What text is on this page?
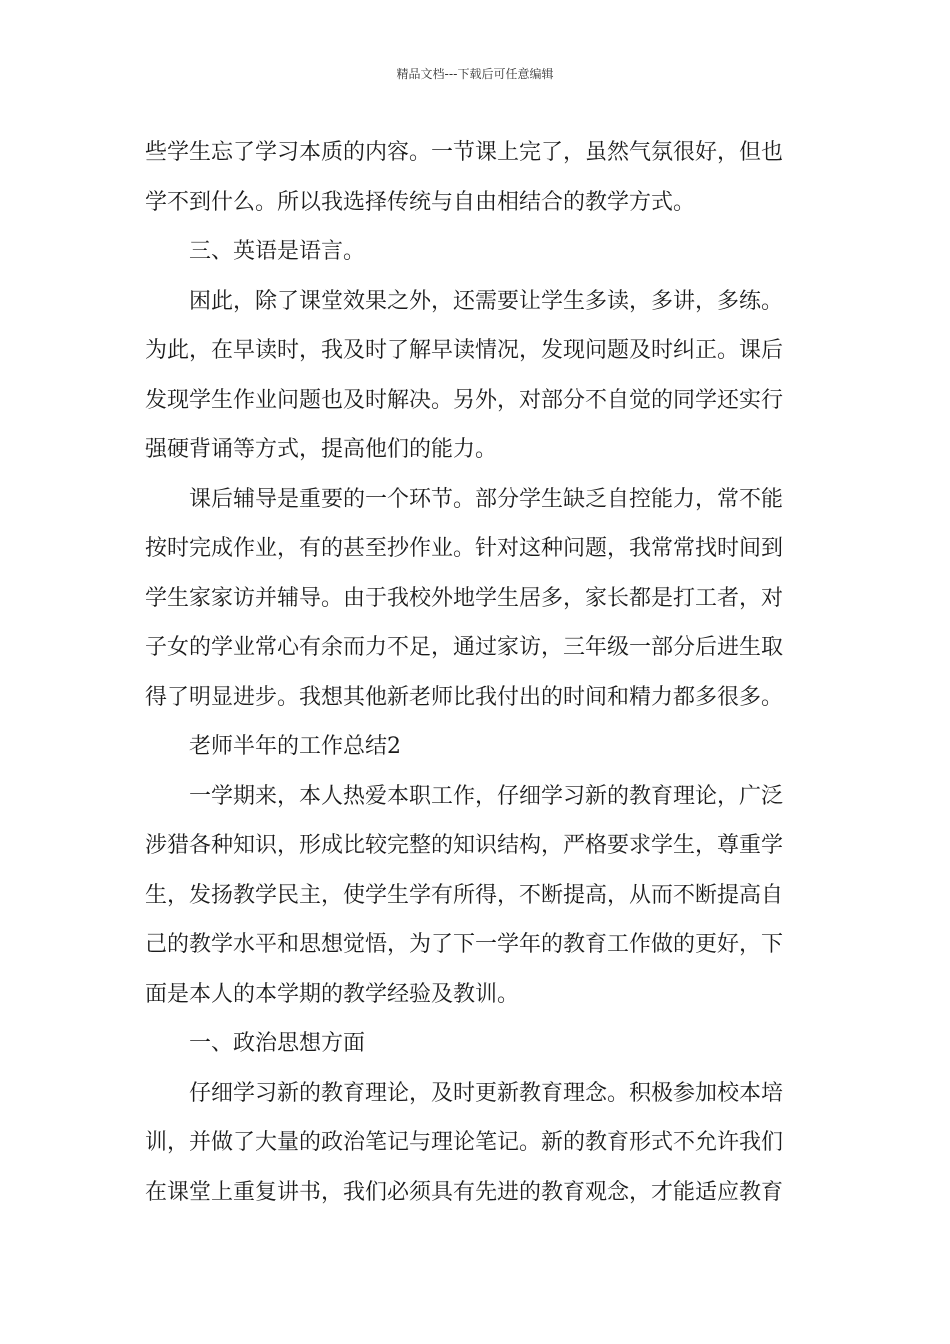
精品文档---下载后可任意编辑
些学生忘了学习本质的内容。一节课上完了，虽然气氛很好，但也
学不到什么。所以我选择传统与自由相结合的教学方式。
三、英语是语言。
困此，除了课堂效果之外，还需要让学生多读，多讲，多练。
为此，在早读时，我及时了解早读情况，发现问题及时纠正。课后
发现学生作业问题也及时解决。另外，对部分不自觉的同学还实行
强硬背诵等方式，提高他们的能力。
课后辅导是重要的一个环节。部分学生缺乏自控能力，常不能
按时完成作业，有的甚至抄作业。针对这种问题，我常常找时间到
学生家家访并辅导。由于我校外地学生居多，家长都是打工者，对
子女的学业常心有余而力不足，通过家访，三年级一部分后进生取
得了明显进步。我想其他新老师比我付出的时间和精力都多很多。
老师半年的工作总结2
一学期来，本人热爱本职工作，仔细学习新的教育理论，广泛
涉猎各种知识，形成比较完整的知识结构，严格要求学生，尊重学
生，发扬教学民主，使学生学有所得，不断提高，从而不断提高自
己的教学水平和思想觉悟，为了下一学年的教育工作做的更好，下
面是本人的本学期的教学经验及教训。
一、政治思想方面
仔细学习新的教育理论，及时更新教育理念。积极参加校本培
训，并做了大量的政治笔记与理论笔记。新的教育形式不允许我们
在课堂上重复讲书，我们必须具有先进的教育观念，才能适应教育
